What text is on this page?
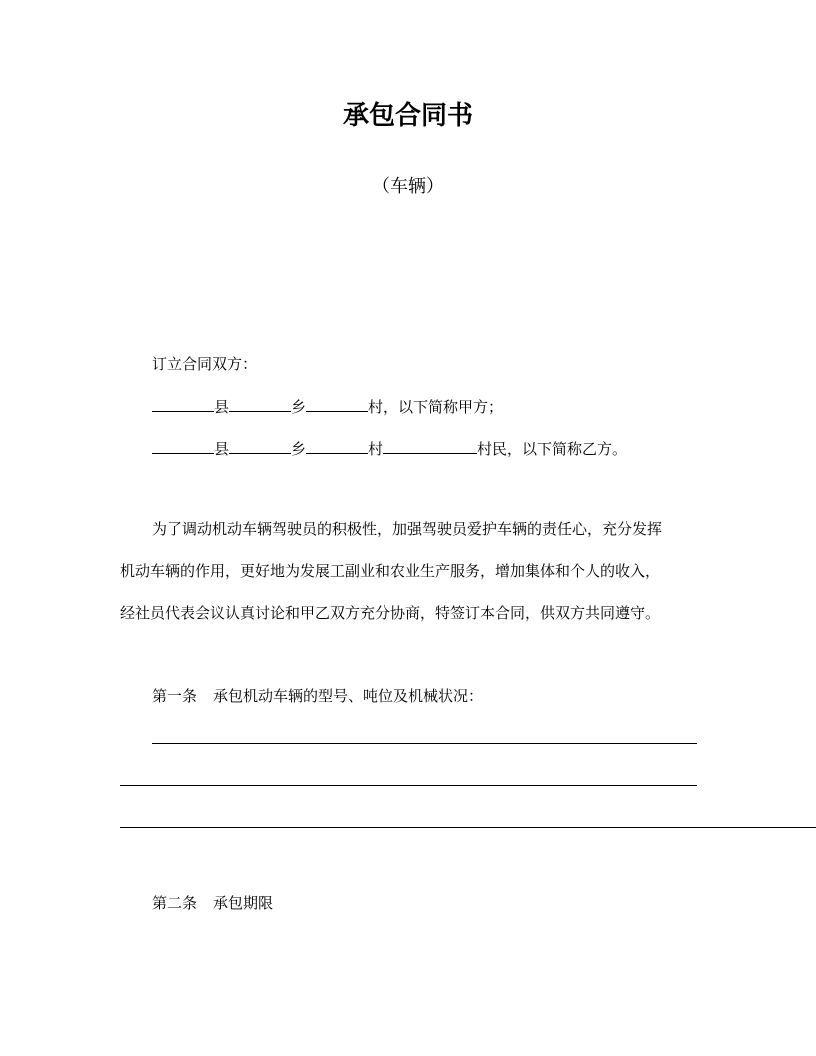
承包合同书
（车辆）
订立合同双方：
县	乡	村，以下简称甲方；
县	乡	村	村民，以下简称乙方。
为了调动机动车辆驾驶员的积极性，加强驾驶员爱护车辆的责任心，充分发挥
机动车辆的作用，更好地为发展工副业和农业生产服务，增加集体和个人的收入，
经社员代表会议认真讨论和甲乙双方充分协商，特签订本合同，供双方共同遵守。
第一条 承包机动车辆的型号、吨位及机械状况：
第二条 承包期限
